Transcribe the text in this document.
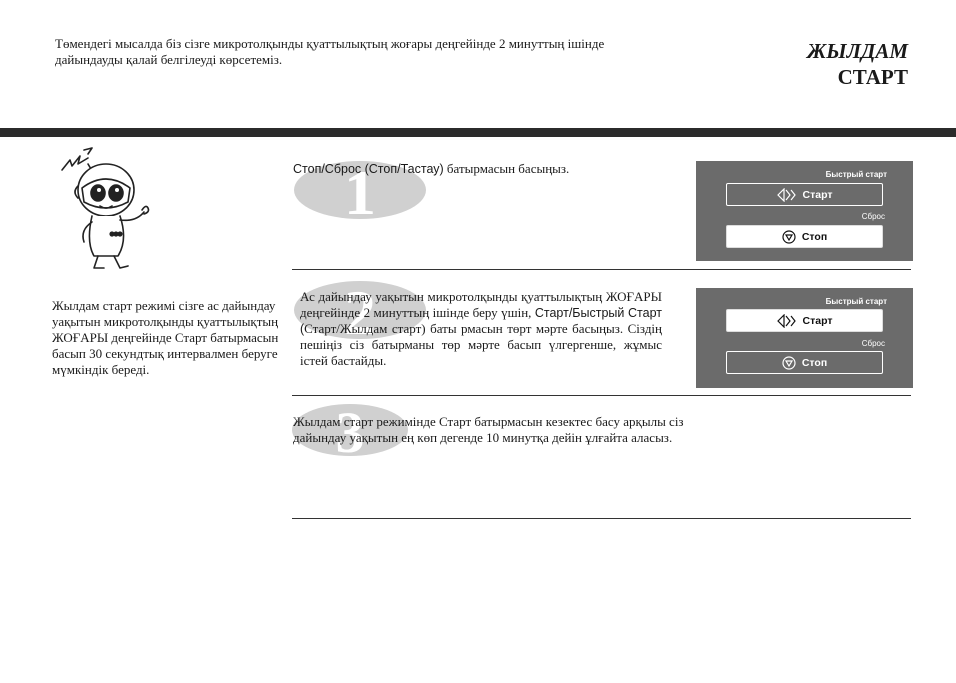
Төмендегі мысалда біз сізге микротолқынды қуаттылықтың жоғары деңгейінде 2 минуттың ішінде дайындауды қалай белгілеуді көрсетеміз.	ЖЫЛДАМ
СТАРТ
Жылдам старт режимі сізге ас дайындау уақытын микротолқынды қуаттылықтың ЖОҒАРЫ деңгейінде Старт батырмасын басып 30 секундтық интервалмен беруге мүмкіндік береді.
1
Стоп/Сброс (Стоп/Тастау) батырмасын басыңыз.	Быстрый старт
Старт
Сброс
Стоп
2
Ас дайындау уақытын микротолқынды қуаттылықтың ЖОҒАРЫ деңгейінде 2 минуттың ішінде беру үшін, Старт/Быстрый Старт (Старт/Жылдам старт) баты рмасын төрт мәрте басыңыз. Сіздің пешіңіз сіз батырманы төр мәрте басып үлгергенше, жұмыс істей бастайды.
Быстрый старт
Старт
Сброс
Стоп
3
Жылдам старт режимінде Старт батырмасын кезектес басу арқылы сіз дайындау уақытын ең көп дегенде 10 минутқа дейін ұлғайта аласыз.
